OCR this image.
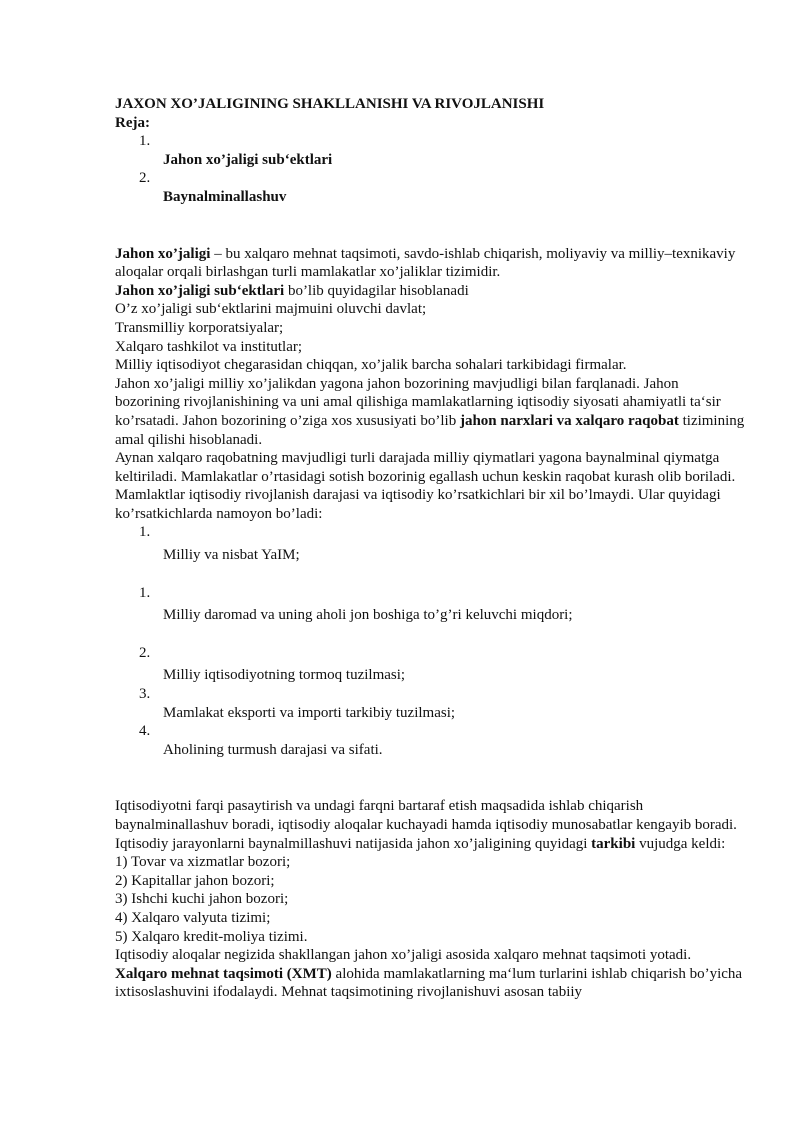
JAXON XO’JALIGINING SHAKLLANISHI VA RIVOJLANISHI

Reja:

1.

Jahon xo’jaligi sub‘ektlari

2.

Baynalminallashuv

Jahon xo’jaligi – bu xalqaro mehnat taqsimoti, savdo-ishlab chiqarish, moliyaviy va milliy–texnikaviy aloqalar orqali birlashgan turli mamlakatlar xo’jaliklar tizimidir.

Jahon xo’jaligi sub‘ektlari bo’lib quyidagilar hisoblanadi

O’z xo’jaligi sub‘ektlarini majmuini oluvchi davlat;

Transmilliy korporatsiyalar;

Xalqaro tashkilot va institutlar;

Milliy iqtisodiyot chegarasidan chiqqan, xo’jalik barcha sohalari tarkibidagi firmalar.

Jahon xo’jaligi milliy xo’jalikdan yagona jahon bozorining mavjudligi bilan farqlanadi. Jahon bozorining rivojlanishining va uni amal qilishiga mamlakatlarning iqtisodiy siyosati ahamiyatli ta‘sir ko’rsatadi. Jahon bozorining o’ziga xos xususiyati bo’lib jahon narxlari va xalqaro raqobat tizimining amal qilishi hisoblanadi.

Aynan xalqaro raqobatning mavjudligi turli darajada milliy qiymatlari yagona baynalminal qiymatga keltiriladi. Mamlakatlar o’rtasidagi sotish bozorinig egallash uchun keskin raqobat kurash olib boriladi.

Mamlaktlar iqtisodiy rivojlanish darajasi va iqtisodiy ko’rsatkichlari bir xil bo’lmaydi. Ular quyidagi ko’rsatkichlarda namoyon bo’ladi:

1.

Milliy va nisbat YaIM;

1.

Milliy daromad va uning aholi jon boshiga to’g’ri keluvchi miqdori;

2.

Milliy iqtisodiyotning tormoq tuzilmasi;

3.

Mamlakat eksporti va importi tarkibiy tuzilmasi;

4.

Aholining turmush darajasi va sifati.

Iqtisodiyotni farqi pasaytirish va undagi farqni bartaraf etish maqsadida ishlab chiqarish baynalminallashuv boradi, iqtisodiy aloqalar kuchayadi hamda iqtisodiy munosabatlar kengayib boradi.

Iqtisodiy jarayonlarni baynalmillashuvi natijasida jahon xo’jaligining quyidagi tarkibi vujudga keldi:

1) Tovar va xizmatlar bozori;

2) Kapitallar jahon bozori;

3) Ishchi kuchi jahon bozori;

4) Xalqaro valyuta tizimi;

5) Xalqaro kredit-moliya tizimi.

Iqtisodiy aloqalar negizida shakllangan jahon xo’jaligi asosida xalqaro mehnat taqsimoti yotadi.

Xalqaro mehnat taqsimoti (XMT) alohida mamlakatlarning ma‘lum turlarini ishlab chiqarish bo’yicha ixtisoslashuvini ifodalaydi. Mehnat taqsimotining rivojlanishuvi asosan tabiiy
